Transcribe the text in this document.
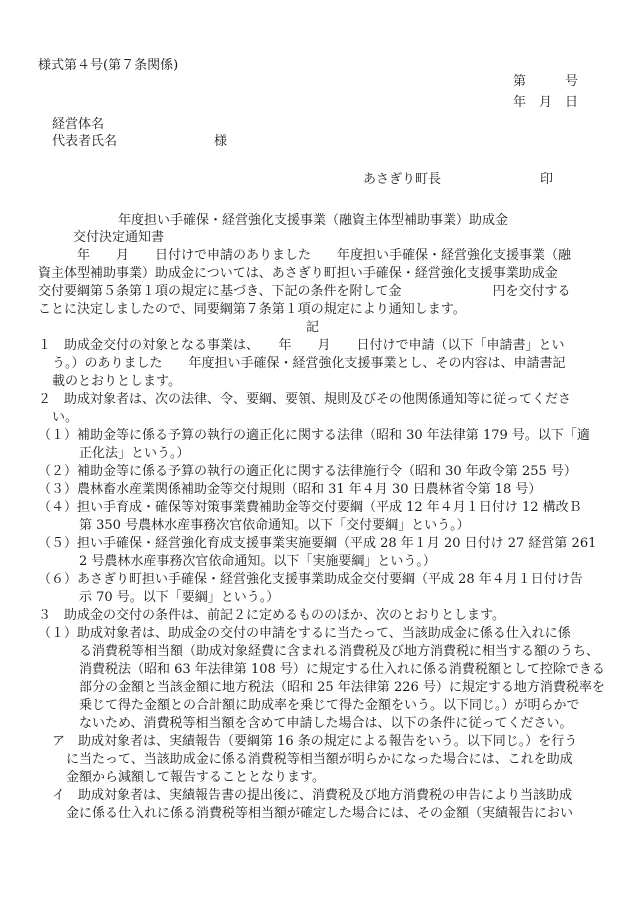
様式第４号(第７条関係)
第　　　号
年　月　日
経営体名
代表者氏名	様
あさぎり町長	印
年度担い手確保・経営強化支援事業（融資主体型補助事業）助成金
交付決定通知書
年　　月　　日付けで申請のありました　　年度担い手確保・経営強化支援事業（融
資主体型補助事業）助成金については、あさぎり町担い手確保・経営強化支援事業助成金
交付要綱第５条第１項の規定に基づき、下記の条件を附して金　　　　　　　円を交付する
ことに決定しましたので、同要綱第７条第１項の規定により通知します。
記
１　助成金交付の対象となる事業は、　　年　　月　　日付けで申請（以下「申請書」とい
う。）のありました　　年度担い手確保・経営強化支援事業とし、その内容は、申請書記
載のとおりとします。
２　助成対象者は、次の法律、令、要綱、要領、規則及びその他関係通知等に従ってくださ
い。
（１）補助金等に係る予算の執行の適正化に関する法律（昭和 30 年法律第 179 号。以下「適
正化法」という。）
（２）補助金等に係る予算の執行の適正化に関する法律施行令（昭和 30 年政令第 255 号）
（３）農林畜水産業関係補助金等交付規則（昭和 31 年４月 30 日農林省令第 18 号）
（４）担い手育成・確保等対策事業費補助金等交付要綱（平成 12 年４月１日付け 12 構改Ｂ
第 350 号農林水産事務次官依命通知。以下「交付要綱」という。）
（５）担い手確保・経営強化育成支援事業実施要綱（平成 28 年１月 20 日付け 27 経営第 261
2 号農林水産事務次官依命通知。以下「実施要綱」という。）
（６）あさぎり町担い手確保・経営強化支援事業助成金交付要綱（平成 28 年４月１日付け告
示 70 号。以下「要綱」という。）
３　助成金の交付の条件は、前記２に定めるもののほか、次のとおりとします。
（１）助成対象者は、助成金の交付の申請をするに当たって、当該助成金に係る仕入れに係
る消費税等相当額（助成対象経費に含まれる消費税及び地方消費税に相当する額のうち、
消費税法（昭和 63 年法律第 108 号）に規定する仕入れに係る消費税額として控除できる
部分の金額と当該金額に地方税法（昭和 25 年法律第 226 号）に規定する地方消費税率を
乗じて得た金額との合計額に助成率を乗じて得た金額をいう。以下同じ。）が明らかで
ないため、消費税等相当額を含めて申請した場合は、以下の条件に従ってください。
ア　助成対象者は、実績報告（要綱第 16 条の規定による報告をいう。以下同じ。）を行う
に当たって、当該助成金に係る消費税等相当額が明らかになった場合には、これを助成
金額から減額して報告することとなります。
イ　助成対象者は、実績報告書の提出後に、消費税及び地方消費税の申告により当該助成
金に係る仕入れに係る消費税等相当額が確定した場合には、その金額（実績報告におい
